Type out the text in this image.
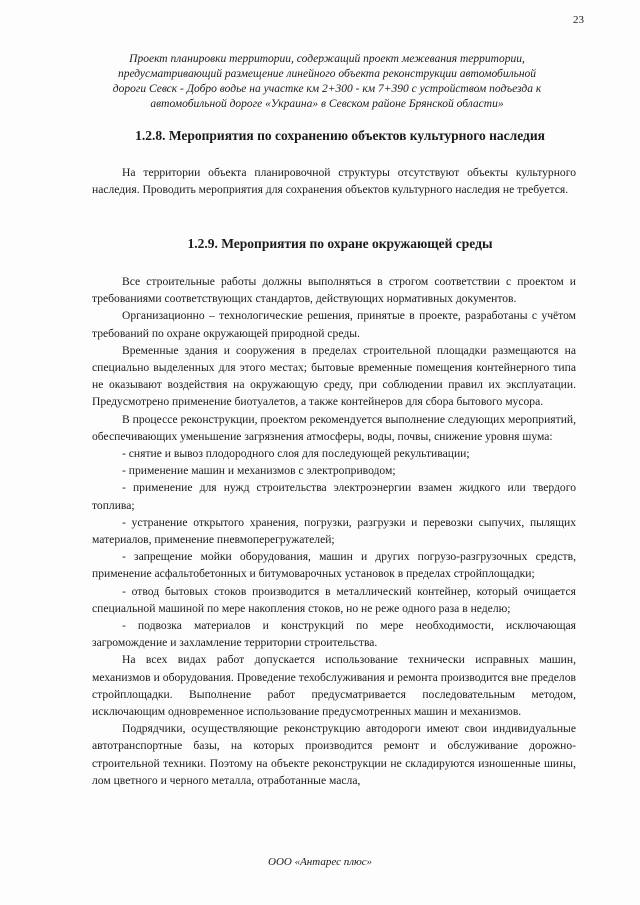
23
Проект планировки территории, содержащий проект межевания территории,
предусматривающий размещение линейного объекта реконструкции автомобильной
дороги Севск - Добро водье на участке км 2+300 - км 7+390 с устройством подъезда к
автомобильной дороге «Украина» в Севском районе Брянской области»
1.2.8. Мероприятия по сохранению объектов культурного наследия

На территории объекта планировочной структуры отсутствуют объекты культурного наследия. Проводить мероприятия для сохранения объектов культурного наследия не требуется.

1.2.9. Мероприятия по охране окружающей среды

Все строительные работы должны выполняться в строгом соответствии с проектом и требованиями соответствующих стандартов, действующих нормативных документов.

Организационно – технологические решения, принятые в проекте, разработаны с учётом требований по охране окружающей природной среды.

Временные здания и сооружения в пределах строительной площадки размещаются на специально выделенных для этого местах; бытовые временные помещения контейнерного типа не оказывают воздействия на окружающую среду, при соблюдении правил их эксплуатации. Предусмотрено применение биотуалетов, а также контейнеров для сбора бытового мусора.

В процессе реконструкции, проектом рекомендуется выполнение следующих мероприятий, обеспечивающих уменьшение загрязнения атмосферы, воды, почвы, снижение уровня шума:

- снятие и вывоз плодородного слоя для последующей рекультивации;

- применение машин и механизмов с электроприводом;

- применение для нужд строительства электроэнергии взамен жидкого или твердого топлива;

- устранение открытого хранения, погрузки, разгрузки и перевозки сыпучих, пылящих материалов, применение пневмоперегружателей;

- запрещение мойки оборудования, машин и других погрузо-разгрузочных средств, применение асфальтобетонных и битумоварочных установок в пределах стройплощадки;

- отвод бытовых стоков производится в металлический контейнер, который очищается специальной машиной по мере накопления стоков, но не реже одного раза в неделю;

- подвозка материалов и конструкций по мере необходимости, исключающая загромождение и захламление территории строительства.

На всех видах работ допускается использование технически исправных машин, механизмов и оборудования. Проведение техобслуживания и ремонта производится вне пределов стройплощадки. Выполнение работ предусматривается последовательным методом, исключающим одновременное использование предусмотренных машин и механизмов.

Подрядчики, осуществляющие реконструкцию автодороги имеют свои индивидуальные автотранспортные базы, на которых производится ремонт и обслуживание дорожно-строительной техники. Поэтому на объекте реконструкции не складируются изношенные шины, лом цветного и черного металла, отработанные масла,

ООО «Антарес плюс»
